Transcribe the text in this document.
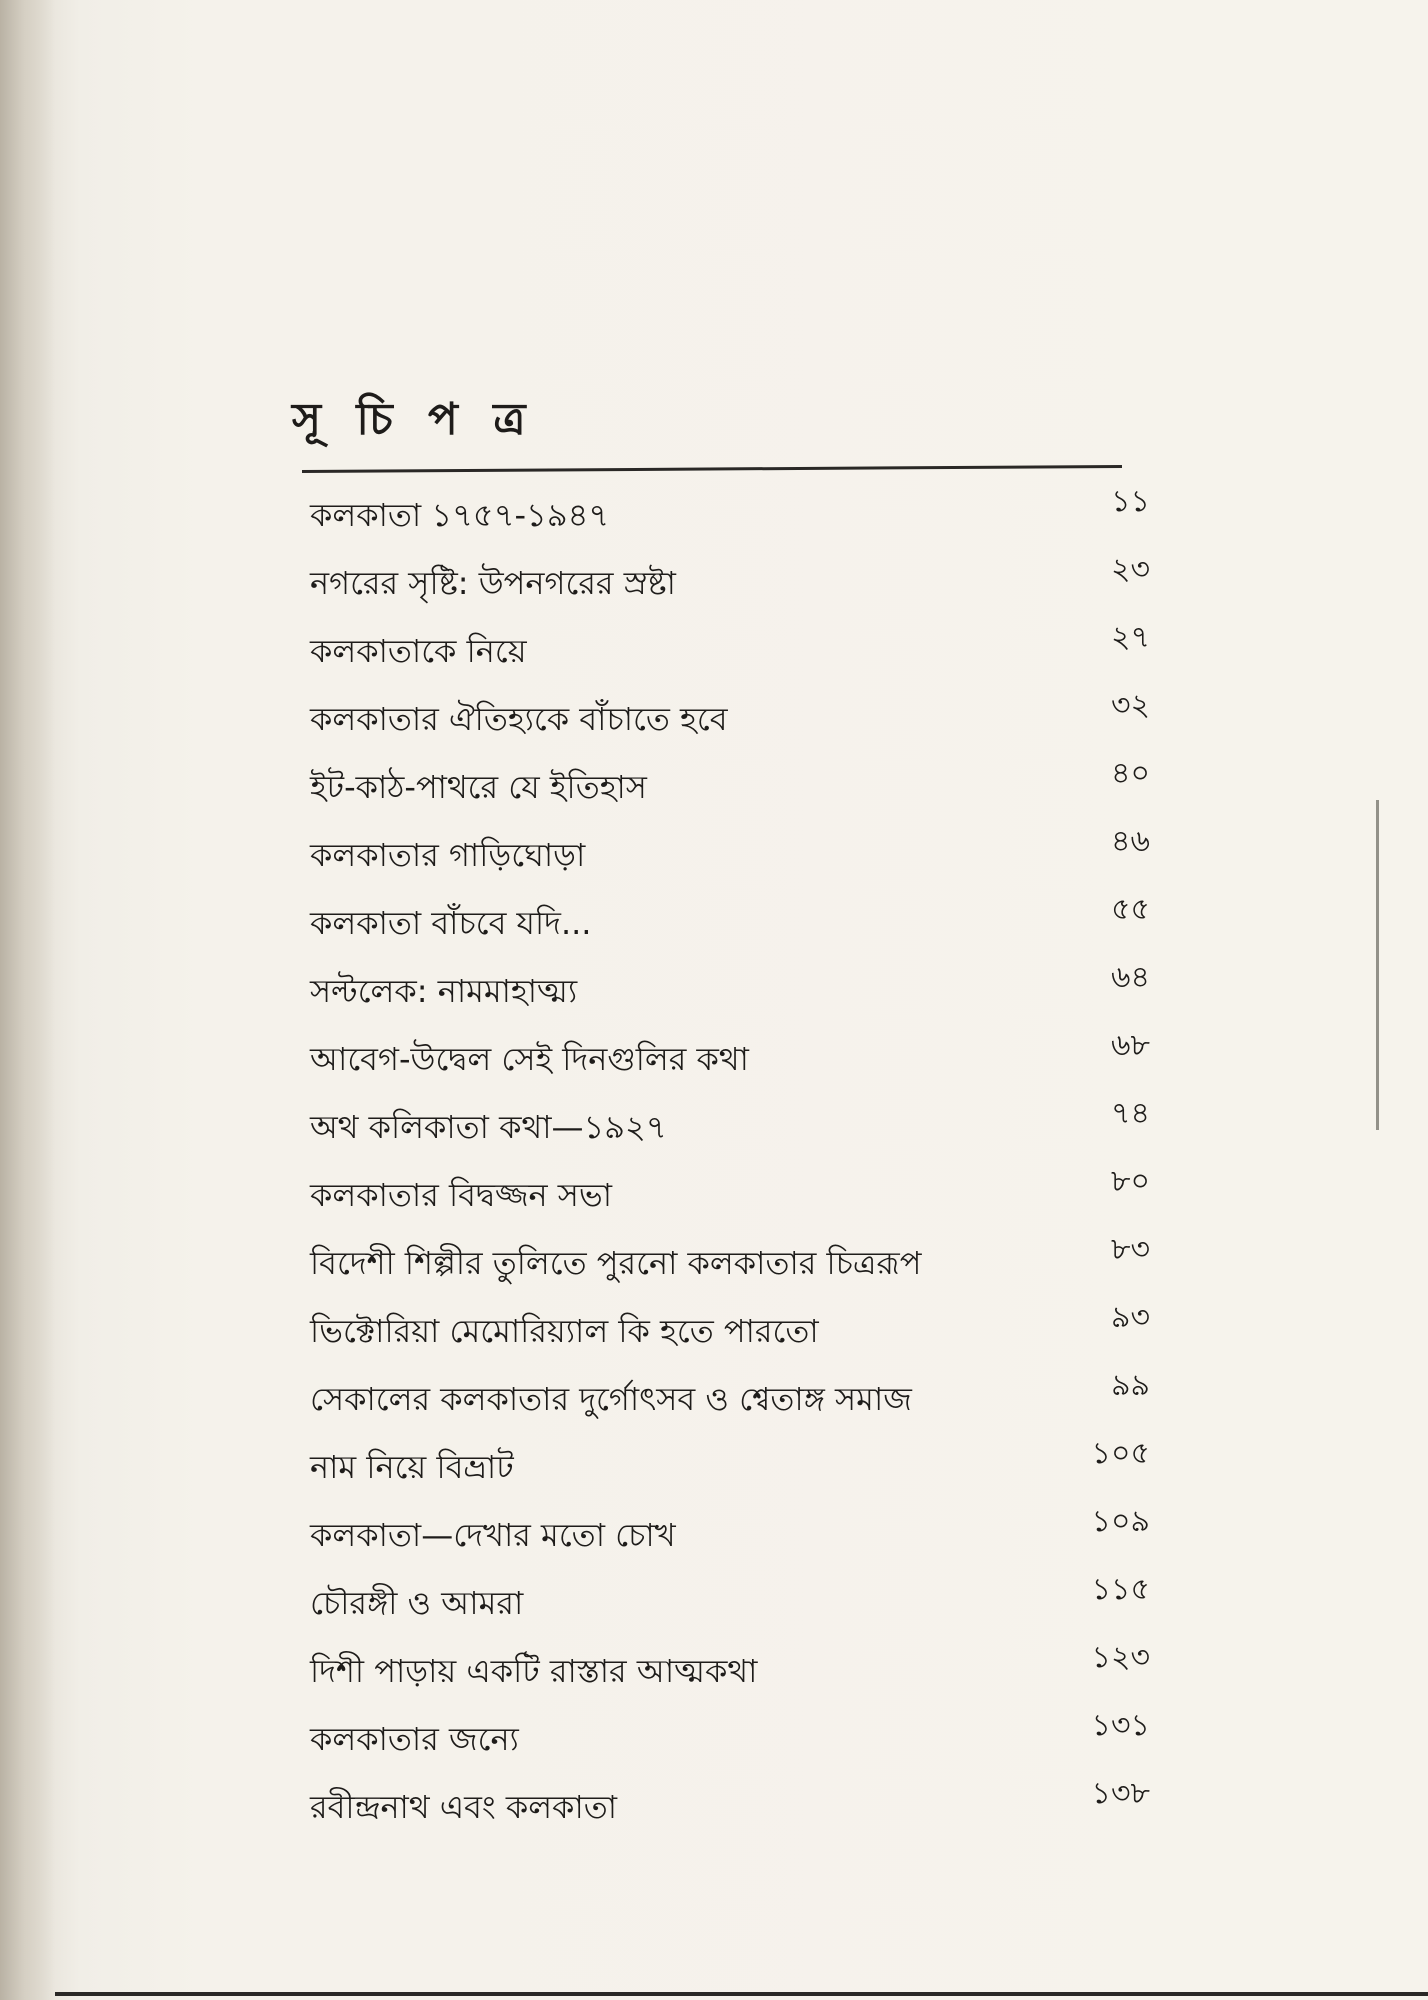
সূ চি প ত্র
কলকাতা ১৭৫৭-১৯৪৭	১১
নগরের সৃষ্টি: উপনগরের স্রষ্টা	২৩
কলকাতাকে নিয়ে	২৭
কলকাতার ঐতিহ্যকে বাঁচাতে হবে	৩২
ইট-কাঠ-পাথরে যে ইতিহাস	৪০
কলকাতার গাড়িঘোড়া	৪৬
কলকাতা বাঁচবে যদি...	৫৫
সল্টলেক: নামমাহাত্ম্য	৬৪
আবেগ-উদ্বেল সেই দিনগুলির কথা	৬৮
অথ কলিকাতা কথা—১৯২৭	৭৪
কলকাতার বিদ্বজ্জন সভা	৮০
বিদেশী শিল্পীর তুলিতে পুরনো কলকাতার চিত্ররূপ	৮৩
ভিক্টোরিয়া মেমোরিয়্যাল কি হতে পারতো	৯৩
সেকালের কলকাতার দুর্গোৎসব ও শ্বেতাঙ্গ সমাজ	৯৯
নাম নিয়ে বিভ্রাট	১০৫
কলকাতা—দেখার মতো চোখ	১০৯
চৌরঙ্গী ও আমরা	১১৫
দিশী পাড়ায় একটি রাস্তার আত্মকথা	১২৩
কলকাতার জন্যে	১৩১
রবীন্দ্রনাথ এবং কলকাতা	১৩৮
